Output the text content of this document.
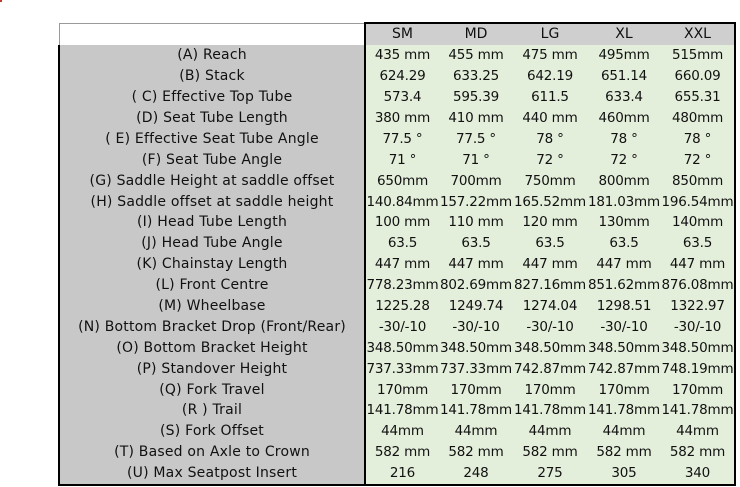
	SM	MD	LG	XL	XXL
(A) Reach	435 mm	455 mm	475 mm	495mm	515mm
(B) Stack	624.29	633.25	642.19	651.14	660.09
( C) Effective Top Tube	573.4	595.39	611.5	633.4	655.31
(D) Seat Tube Length	380 mm	410 mm	440 mm	460mm	480mm
( E) Effective Seat Tube Angle	77.5 °	77.5 °	78 °	78 °	78 °
(F) Seat Tube Angle	71 °	71 °	72 °	72 °	72 °
(G) Saddle Height at saddle offset	650mm	700mm	750mm	800mm	850mm
(H) Saddle offset at saddle height	140.84mm	157.22mm	165.52mm	181.03mm	196.54mm
(I) Head Tube Length	100 mm	110 mm	120 mm	130mm	140mm
(J) Head Tube Angle	63.5	63.5	63.5	63.5	63.5
(K) Chainstay Length	447 mm	447 mm	447 mm	447 mm	447 mm
(L) Front Centre	778.23mm	802.69mm	827.16mm	851.62mm	876.08mm
(M) Wheelbase	1225.28	1249.74	1274.04	1298.51	1322.97
(N) Bottom Bracket Drop (Front/Rear)	-30/-10	-30/-10	-30/-10	-30/-10	-30/-10
(O) Bottom Bracket Height	348.50mm	348.50mm	348.50mm	348.50mm	348.50mm
(P) Standover Height	737.33mm	737.33mm	742.87mm	742.87mm	748.19mm
(Q) Fork Travel	170mm	170mm	170mm	170mm	170mm
(R ) Trail	141.78mm	141.78mm	141.78mm	141.78mm	141.78mm
(S) Fork Offset	44mm	44mm	44mm	44mm	44mm
(T) Based on Axle to Crown	582 mm	582 mm	582 mm	582 mm	582 mm
(U) Max Seatpost Insert	216	248	275	305	340
